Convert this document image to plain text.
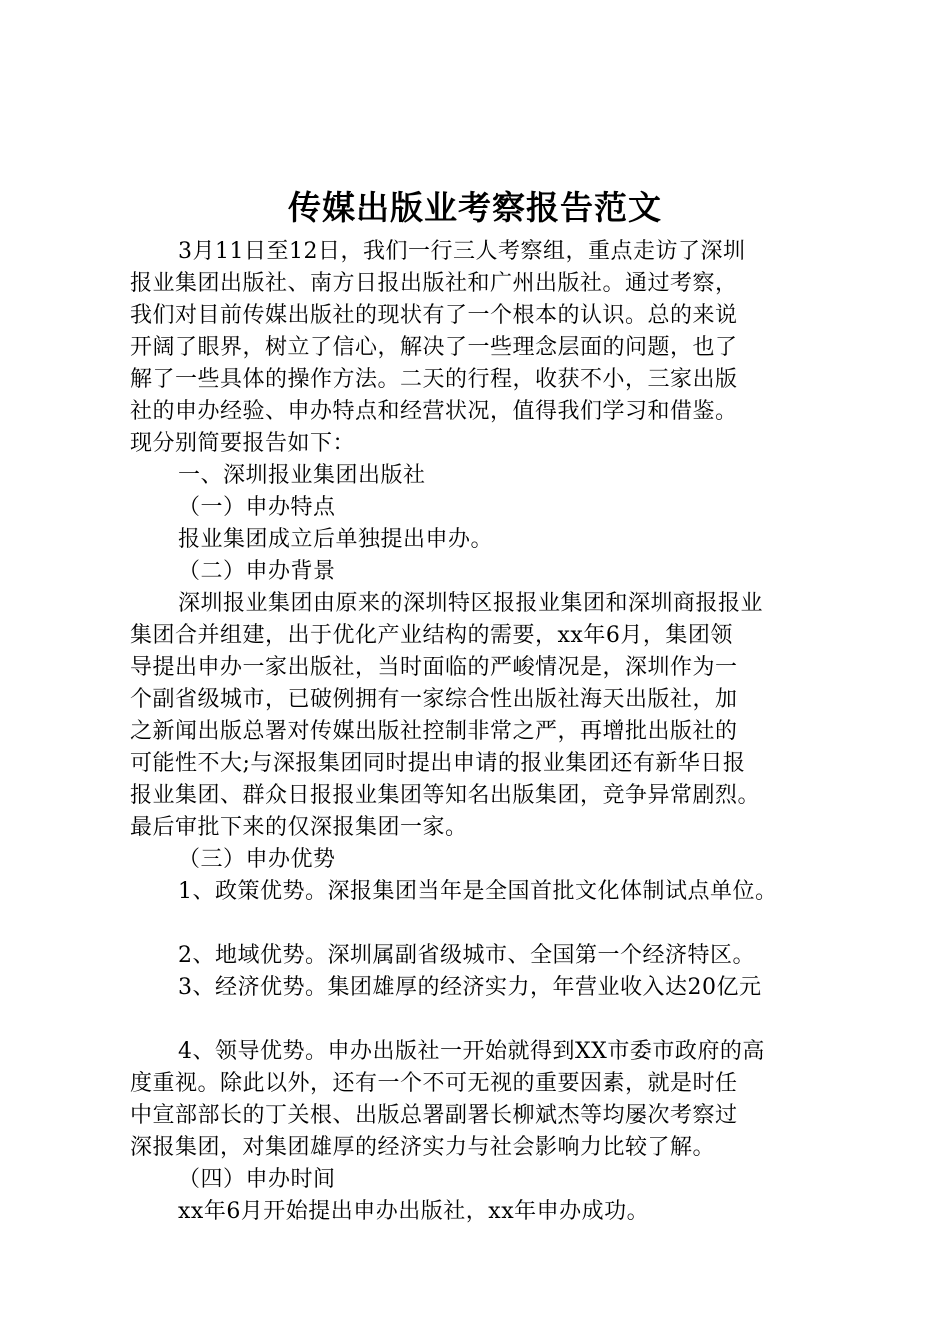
传媒出版业考察报告范文
3月11日至12日，我们一行三人考察组，重点走访了深圳
报业集团出版社、南方日报出版社和广州出版社。通过考察，
我们对目前传媒出版社的现状有了一个根本的认识。总的来说
开阔了眼界，树立了信心，解决了一些理念层面的问题，也了
解了一些具体的操作方法。二天的行程，收获不小，三家出版
社的申办经验、申办特点和经营状况，值得我们学习和借鉴。
现分别简要报告如下：
一、深圳报业集团出版社
（一）申办特点
报业集团成立后单独提出申办。
（二）申办背景
深圳报业集团由原来的深圳特区报报业集团和深圳商报报业
集团合并组建，出于优化产业结构的需要，xx年6月，集团领
导提出申办一家出版社，当时面临的严峻情况是，深圳作为一
个副省级城市，已破例拥有一家综合性出版社海天出版社，加
之新闻出版总署对传媒出版社控制非常之严，再增批出版社的
可能性不大;与深报集团同时提出申请的报业集团还有新华日报
报业集团、群众日报报业集团等知名出版集团，竞争异常剧烈。
最后审批下来的仅深报集团一家。
（三）申办优势
1、政策优势。深报集团当年是全国首批文化体制试点单位。
2、地域优势。深圳属副省级城市、全国第一个经济特区。
3、经济优势。集团雄厚的经济实力，年营业收入达20亿元
4、领导优势。申办出版社一开始就得到XX市委市政府的高
度重视。除此以外，还有一个不可无视的重要因素，就是时任
中宣部部长的丁关根、出版总署副署长柳斌杰等均屡次考察过
深报集团，对集团雄厚的经济实力与社会影响力比较了解。
（四）申办时间
xx年6月开始提出申办出版社，xx年申办成功。
